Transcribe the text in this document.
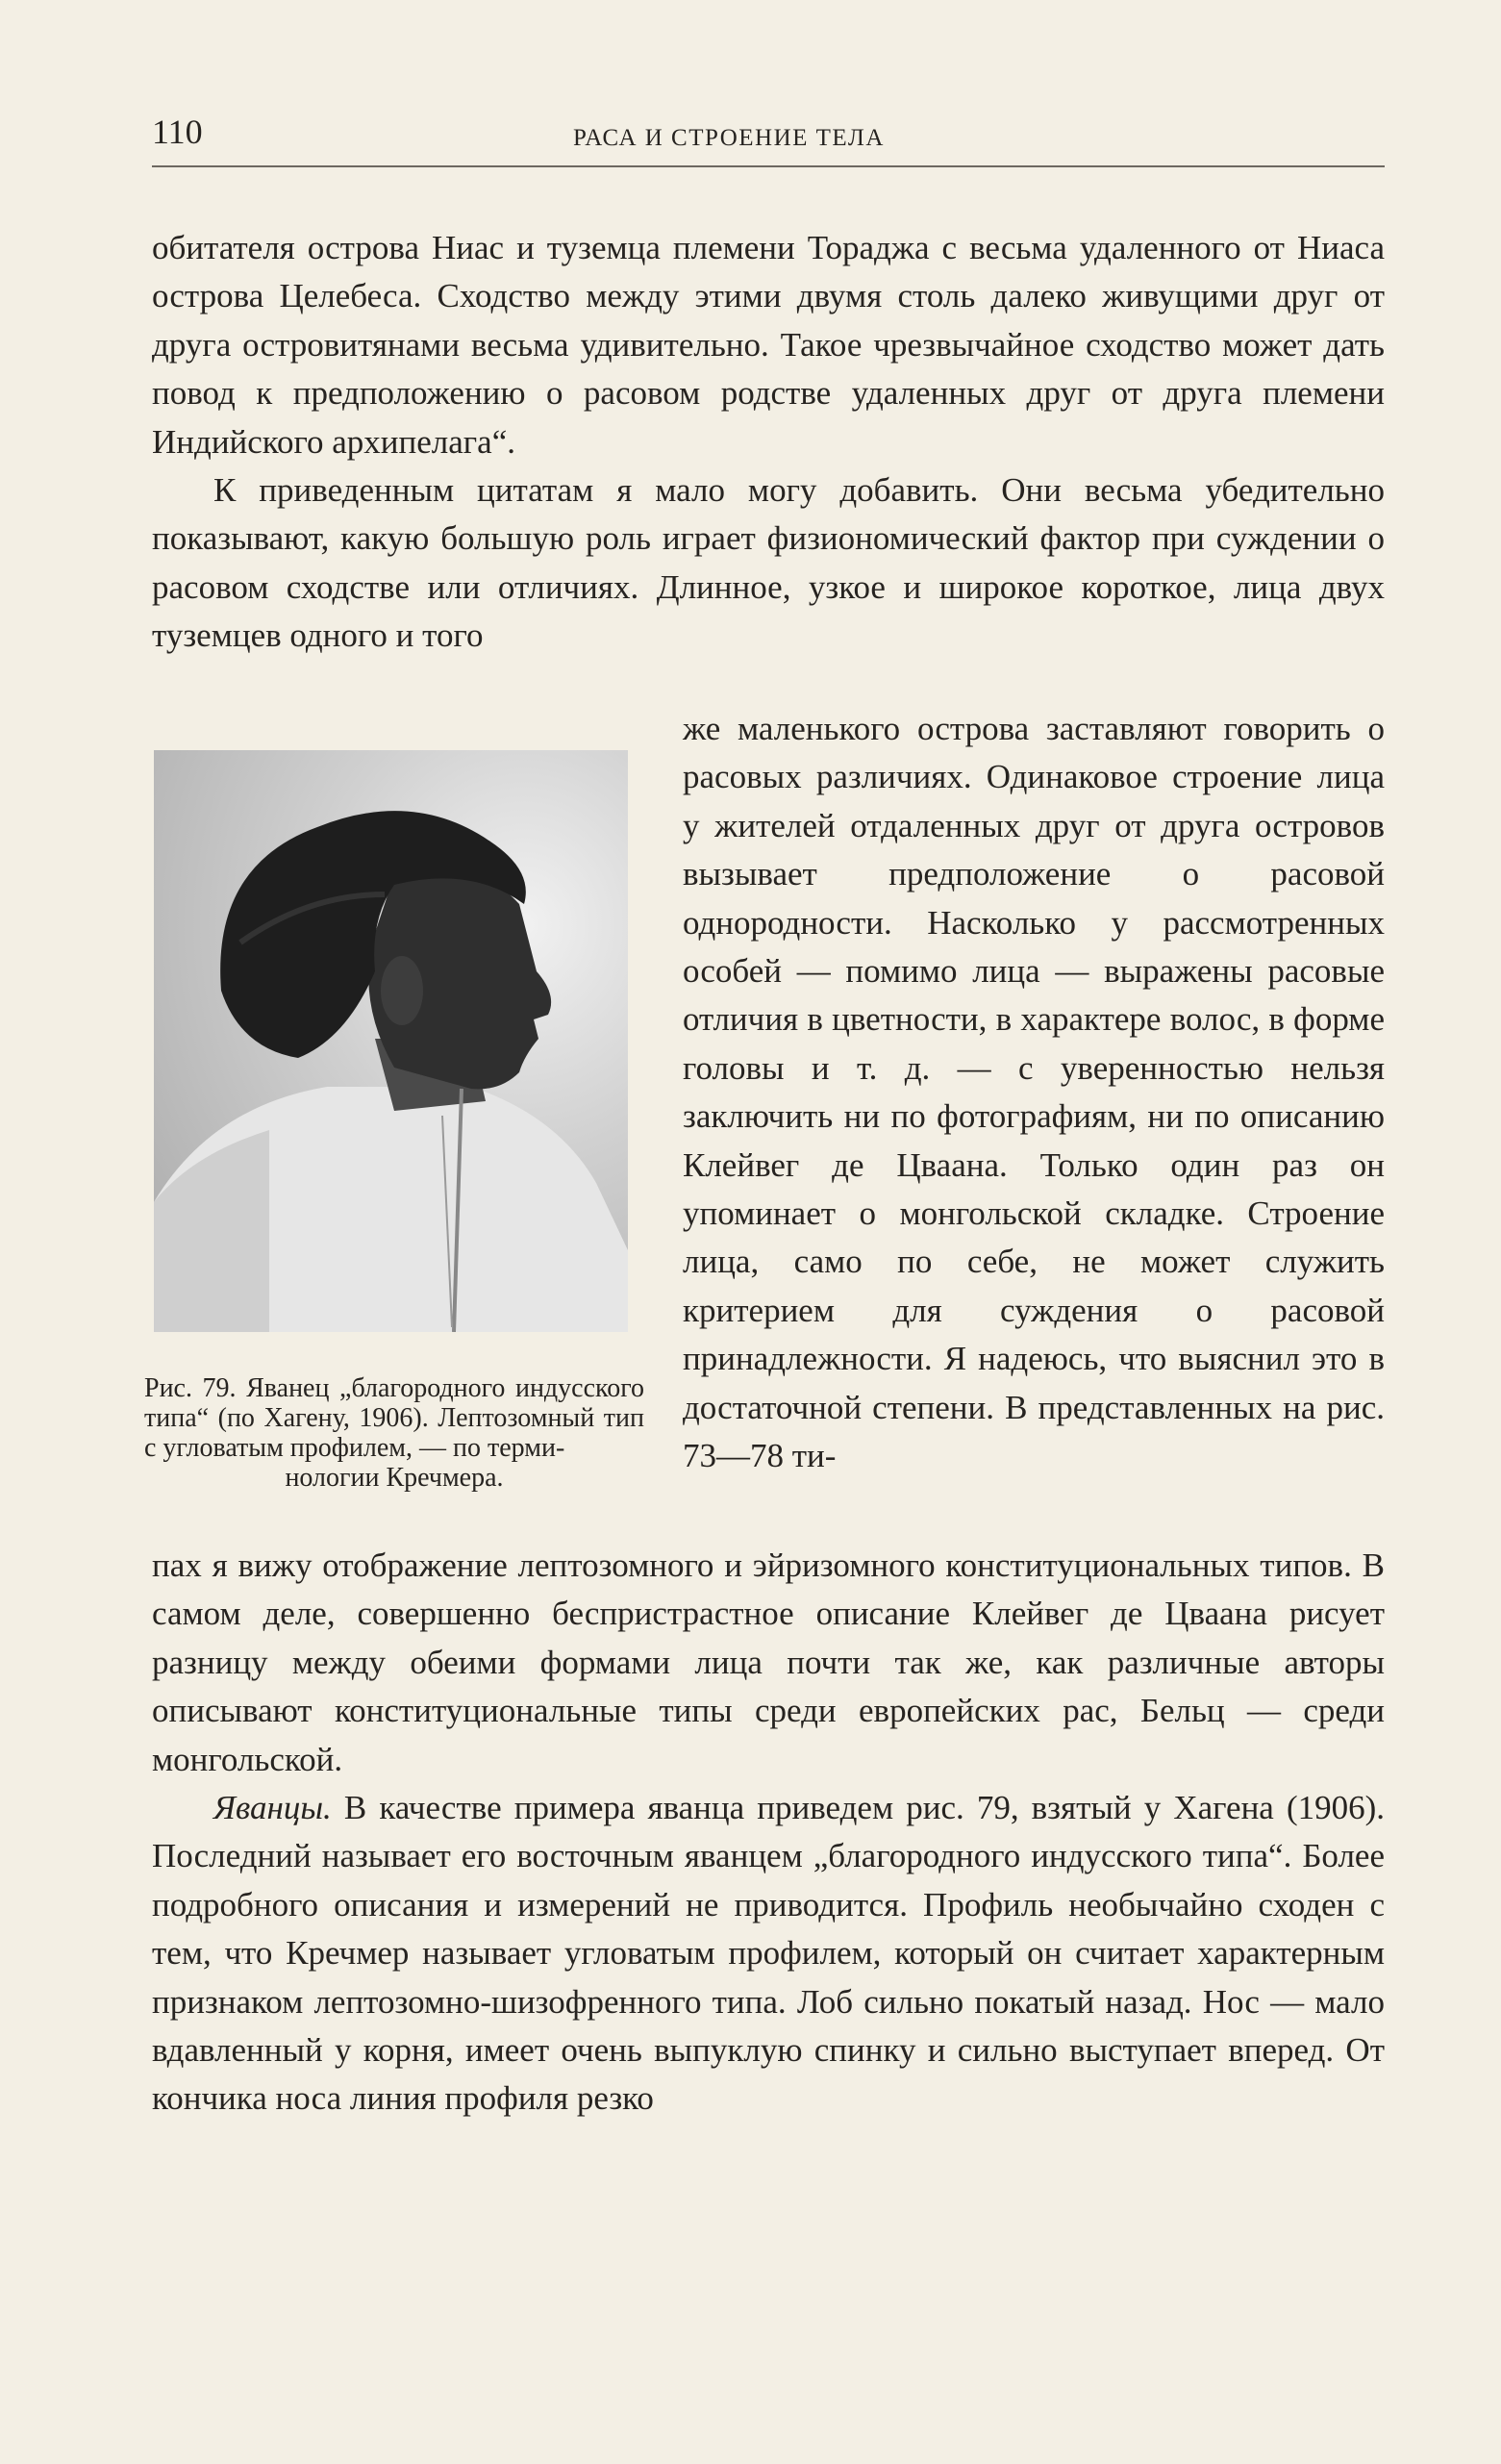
110	РАСА И СТРОЕНИЕ ТЕЛА

обитателя острова Ниас и туземца племени Тораджа с весьма удаленного от Ниаса острова Целебеса. Сходство между этими двумя столь далеко живущими друг от друга островитянами весьма удивительно. Такое чрезвычайное сходство может дать повод к предположению о расовом родстве удаленных друг от друга племени Индийского архипелага“.

К приведенным цитатам я мало могу добавить. Они весьма убедительно показывают, какую большую роль играет физиономический фактор при суждении о расовом сходстве или отличиях. Длинное, узкое и широкое короткое, лица двух туземцев одного и того

Рис. 79. Яванец „благородного индусского типа“ (по Хагену, 1906). Лептозомный тип с угловатым профилем, — по терми-
нологии Кречмера.
же маленького острова заставляют говорить о расовых различиях. Одинаковое строение лица у жителей отдаленных друг от друга островов вызывает предположение о расовой однородности. Насколько у рассмотренных особей — помимо лица — выражены расовые отличия в цветности, в характере волос, в форме головы и т. д. — с уверенностью нельзя заключить ни по фотографиям, ни по описанию Клейвег де Цваана. Только один раз он упоминает о монгольской складке. Строение лица, само по себе, не может служить критерием для суждения о расовой принадлежности. Я надеюсь, что выяснил это в достаточной степени. В представленных на рис. 73—78 ти-

пах я вижу отображение лептозомного и эйризомного конституциональных типов. В самом деле, совершенно беспристрастное описание Клейвег де Цваана рисует разницу между обеими формами лица почти так же, как различные авторы описывают конституциональные типы среди европейских рас, Бельц — среди монгольской.

Яванцы. В качестве примера яванца приведем рис. 79, взятый у Хагена (1906). Последний называет его восточным яванцем „благородного индусского типа“. Более подробного описания и измерений не приводится. Профиль необычайно сходен с тем, что Кречмер называет угловатым профилем, который он считает характерным признаком лептозомно-шизофренного типа. Лоб сильно покатый назад. Нос — мало вдавленный у корня, имеет очень выпуклую спинку и сильно выступает вперед. От кончика носа линия профиля резко
